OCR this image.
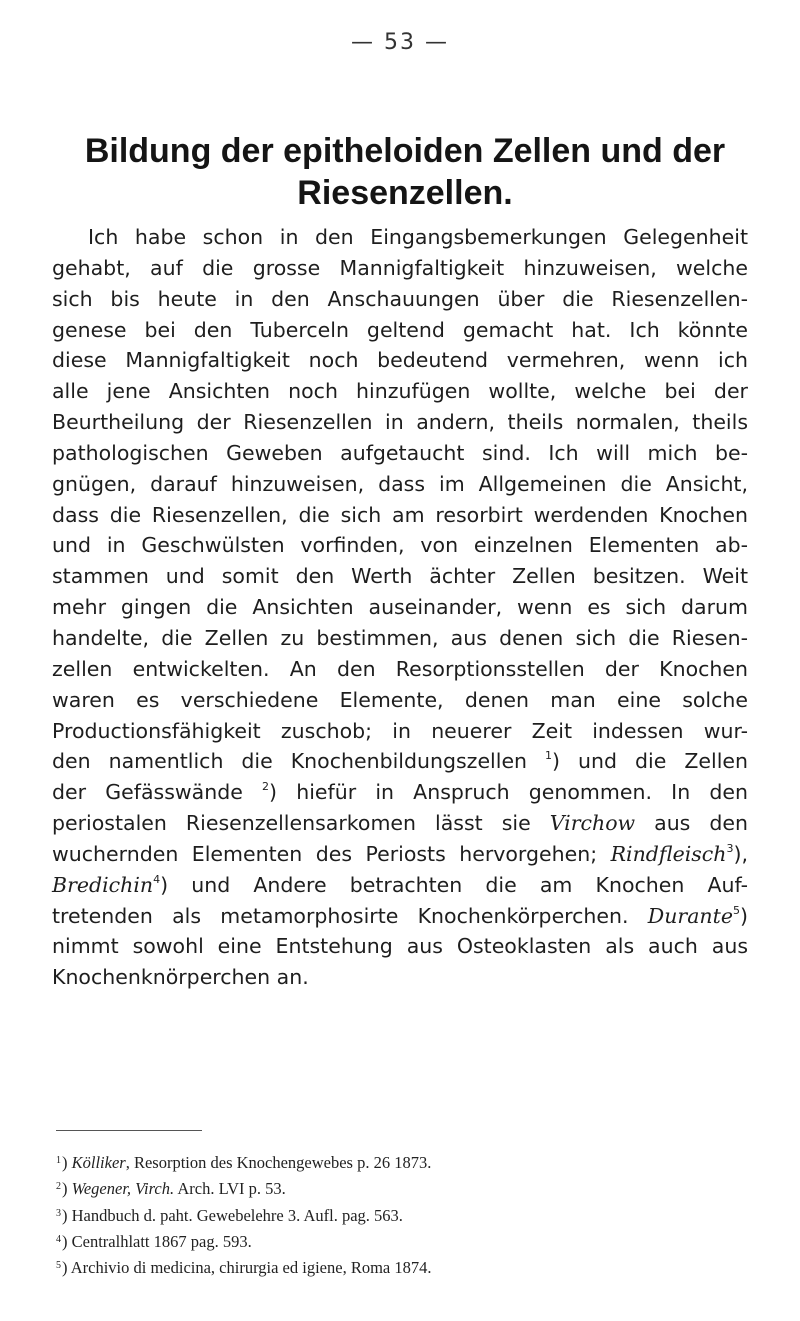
— 53 —
Bildung der epitheloiden Zellen und der
Riesenzellen.
Ich habe schon in den Eingangsbemerkungen Gelegenheit
gehabt, auf die grosse Mannigfaltigkeit hinzuweisen, welche
sich bis heute in den Anschauungen über die Riesenzellen-
genese bei den Tuberceln geltend gemacht hat. Ich könnte
diese Mannigfaltigkeit noch bedeutend vermehren, wenn ich
alle jene Ansichten noch hinzufügen wollte, welche bei der
Beurtheilung der Riesenzellen in andern, theils normalen, theils
pathologischen Geweben aufgetaucht sind. Ich will mich be-
gnügen, darauf hinzuweisen, dass im Allgemeinen die Ansicht,
dass die Riesenzellen, die sich am resorbirt werdenden Knochen
und in Geschwülsten vorfinden, von einzelnen Elementen ab-
stammen und somit den Werth ächter Zellen besitzen. Weit
mehr gingen die Ansichten auseinander, wenn es sich darum
handelte, die Zellen zu bestimmen, aus denen sich die Riesen-
zellen entwickelten. An den Resorptionsstellen der Knochen
waren es verschiedene Elemente, denen man eine solche
Productionsfähigkeit zuschob; in neuerer Zeit indessen wur-
den namentlich die Knochenbildungszellen $^1$) und die Zellen
der Gefässwände $^2$) hiefür in Anspruch genommen. In den
periostalen Riesenzellensarkomen lässt sie Virchow aus den
wuchernden Elementen des Periosts hervorgehen; Rindfleisch$^3$),
Bredichin$^4$) und Andere betrachten die am Knochen Auf-
tretenden als metamorphosirte Knochenkörperchen. Durante$^5$)
nimmt sowohl eine Entstehung aus Osteoklasten als auch aus
Knochenknörperchen an.
$^1$) Kölliker, Resorption des Knochengewebes p. 26 1873.
$^2$) Wegener, Virch. Arch. LVI p. 53.
$^3$) Handbuch d. paht. Gewebelehre 3. Aufl. pag. 563.
$^4$) Centralhlatt 1867 pag. 593.
$^5$) Archivio di medicina, chirurgia ed igiene, Roma 1874.
